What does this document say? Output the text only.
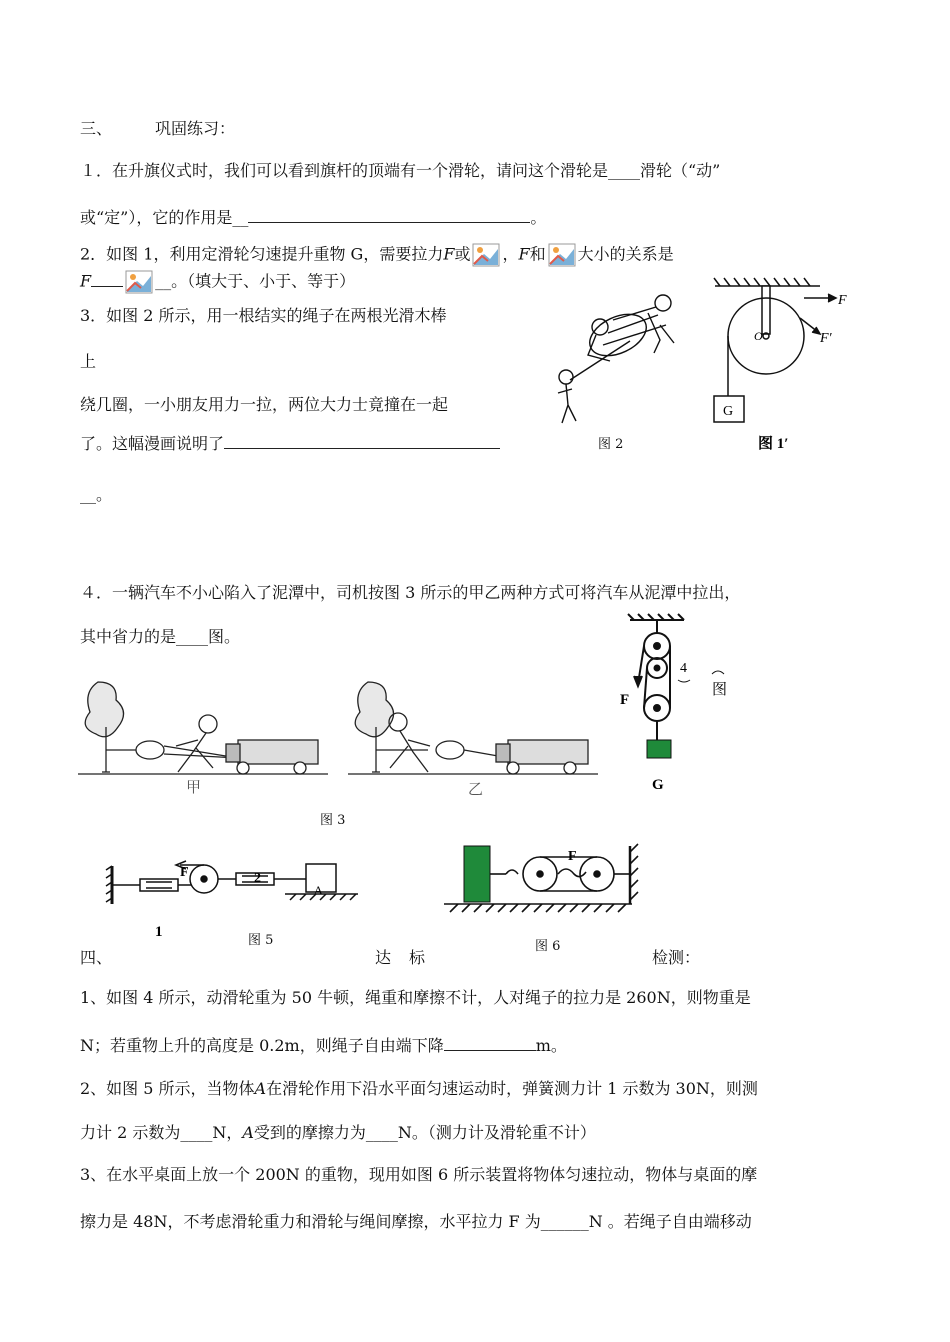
三、	巩固练习：
１．在升旗仪式时，我们可以看到旗杆的顶端有一个滑轮，请问这个滑轮是____滑轮（“动”
或“定”），它的作用是__	。
2．如图 1，利用定滑轮匀速提升重物 G，需要拉力F或 ，F和 大小的关系是
F	__。（填大于、小于、等于）
3．如图 2 所示，用一根结实的绳子在两根光滑木棒
上
绕几圈，一小朋友用力一拉，两位大力士竟撞在一起
了。这幅漫画说明了
__。
图 2
F
F′
O
G
图 1′
４．一辆汽车不小心陷入了泥潭中，司机按图 3 所示的甲乙两种方式可将汽车从泥潭中拉出，
其中省力的是____图。
F
G
4
图
甲	乙
图 3
F
1
2
A
图 5
F
图 6
四、	达 标	检测：
1、如图 4 所示，动滑轮重为 50 牛顿，绳重和摩擦不计，人对绳子的拉力是 260N，则物重是
N；若重物上升的高度是 0.2m，则绳子自由端下降	m。
2、如图 5 所示，当物体A在滑轮作用下沿水平面匀速运动时，弹簧测力计 1 示数为 30N，则测
力计 2 示数为____N，A受到的摩擦力为____N。（测力计及滑轮重不计）
3、在水平桌面上放一个 200N 的重物，现用如图 6 所示装置将物体匀速拉动，物体与桌面的摩
擦力是 48N，不考虑滑轮重力和滑轮与绳间摩擦，水平拉力 F 为______N 。若绳子自由端移动
